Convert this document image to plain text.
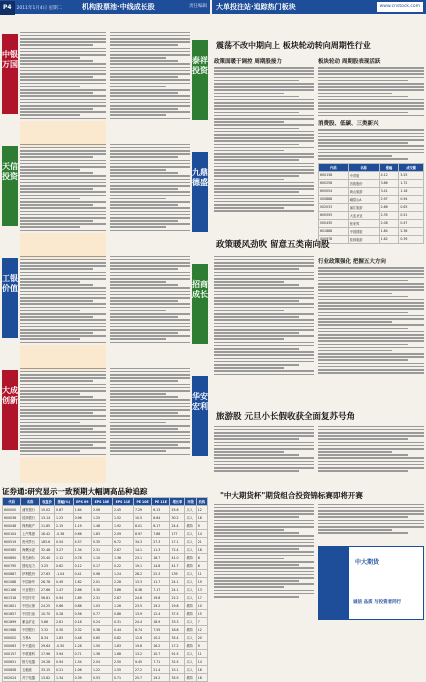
P4 2011年1月4日 星期二	机构股票池·中线成长股	责任编辑	大单投注站·追踪热门板块	www.cnstock.com
中银万国	泰祥投资
天信投资	九鼎德盛
工银价值	招商成长
大成创新	华安宏利
证券通:研究显示一致预期大幅调高品种追踪
代码	名称	收盘价	涨幅(%)	EPS 09	EPS 10E	EPS 11E	PE 10E	PE 11E	增长率	评级	机构
600000	浦发银行	15.02	0.87	1.64	2.06	2.45	7.29	6.13	25.6	买入	12
600036	招商银行	13.14	1.23	0.96	1.25	1.52	10.5	8.64	30.2	买入	16
600048	保利地产	11.85	2.15	1.19	1.48	1.92	8.01	6.17	24.4	增持	9
600104	上汽集团	16.42	-0.36	0.66	1.83	2.09	8.97	7.86	177	买入	14
600519	贵州茅台	183.6	0.54	4.57	5.35	6.72	34.3	27.3	17.1	买入	21
600585	海螺水泥	32.48	3.27	1.34	2.31	2.87	14.1	11.3	72.4	买入	18
600690	青岛海尔	25.40	1.12	0.78	1.10	1.36	23.1	18.7	41.0	增持	8
600795	国电电力	3.25	0.62	0.12	0.17	0.22	19.1	14.8	41.7	增持	6
600887	伊利股份	27.63	-1.04	0.41	0.98	1.24	28.2	22.3	139	买入	11
601088	中国神华	26.78	0.49	1.62	2.01	2.28	13.3	11.7	24.1	买入	19
601166	兴业银行	27.66	1.47	2.66	3.30	3.86	8.38	7.17	24.1	买入	13
601318	中国平安	56.81	0.94	1.89	2.31	2.87	24.6	19.8	22.2	买入	17
601601	中国太保	24.25	0.66	0.86	1.03	1.26	23.5	19.2	19.8	增持	10
601857	中国石油	10.70	0.28	0.56	0.77	0.86	13.9	12.4	37.5	增持	15
601899	紫金矿业	5.86	2.81	0.18	0.24	0.31	24.4	18.9	33.3	买入	7
601988	中国银行	3.32	0.30	0.32	0.38	0.44	8.74	7.55	18.8	增持	12
000002	万科A	8.34	1.83	0.48	0.65	0.82	12.8	10.2	35.4	买入	20
000063	中兴通讯	29.64	-0.50	1.28	1.50	1.83	19.8	16.2	17.2	增持	9
000157	中联重科	17.96	3.94	0.71	1.36	1.68	13.2	10.7	91.5	买入	11
000651	格力电器	19.28	0.94	1.54	2.04	2.50	9.45	7.71	32.5	买入	14
000858	五粮液	33.15	0.21	1.06	1.22	1.55	27.2	21.4	15.1	买入	16
002024	苏宁电器	13.62	1.34	0.39	0.53	0.71	25.7	19.2	35.9	增持	18
震荡不改中期向上 板块轮动转向周期性行业
政策面暖于调控 周期股接力	板块轮动 周期股表现活跃
消费股、低碳、三类新兴
代码	名称	涨幅	成交额
600138	中青旅	4.12	3.25
600258	首旅股份	3.86	1.72
600054	黄山旅游	3.41	1.18
000888	峨眉山A	2.97	0.94
002033	丽江旅游	2.66	0.63
600593	大连圣亚	2.35	0.51
000430	张家界	2.08	0.47
601888	中国国旅	1.84	2.36
000978	桂林旅游	1.62	0.39
政策暖风劲吹 留意五类南向股
行业政策强化 把握五大方向
旅游股 元旦小长假收获全面复苏号角
"中大期货杯"期货组合投资锦标赛即将开赛
中大期货
诚信 品质 与投资者同行
